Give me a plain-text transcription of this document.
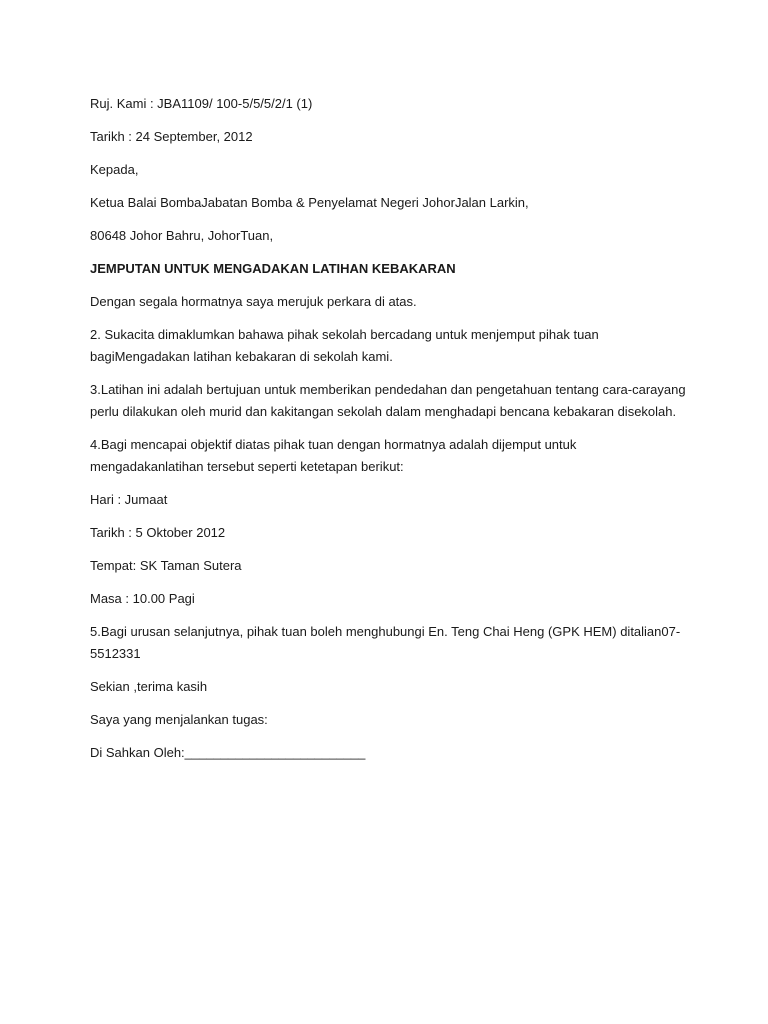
Ruj. Kami : JBA1109/ 100-5/5/5/2/1 (1)

Tarikh : 24 September, 2012

Kepada,

Ketua Balai BombaJabatan Bomba & Penyelamat Negeri JohorJalan Larkin,

80648 Johor Bahru, JohorTuan,

JEMPUTAN UNTUK MENGADAKAN LATIHAN KEBAKARAN

Dengan segala hormatnya saya merujuk perkara di atas.

2. Sukacita dimaklumkan bahawa pihak sekolah bercadang untuk menjemput pihak tuan

bagiMengadakan latihan kebakaran di sekolah kami.

3.Latihan ini adalah bertujuan untuk memberikan pendedahan dan pengetahuan tentang cara-carayang

perlu dilakukan oleh murid dan kakitangan sekolah dalam menghadapi bencana kebakaran disekolah.

4.Bagi mencapai objektif diatas pihak tuan dengan hormatnya adalah dijemput untuk

mengadakanlatihan tersebut seperti ketetapan berikut:

Hari : Jumaat

Tarikh : 5 Oktober 2012

Tempat: SK Taman Sutera

Masa : 10.00 Pagi

5.Bagi urusan selanjutnya, pihak tuan boleh menghubungi En. Teng Chai Heng (GPK HEM) ditalian07-

5512331

Sekian ,terima kasih

Saya yang menjalankan tugas:

Di Sahkan Oleh:_________________________
